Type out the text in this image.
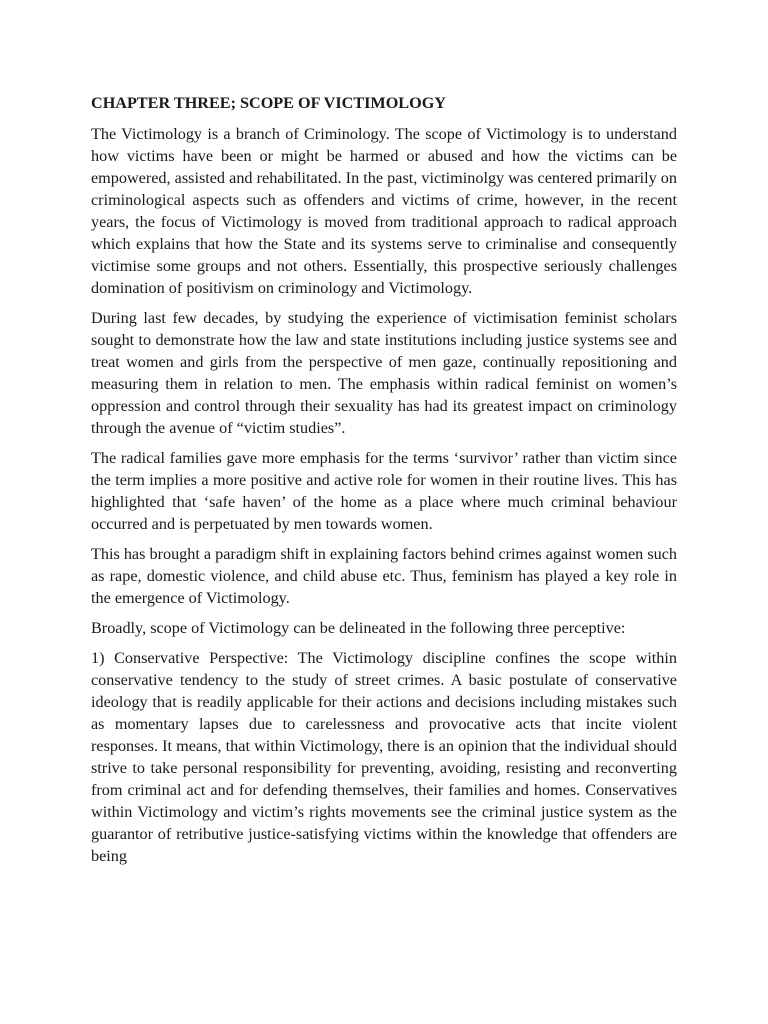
CHAPTER THREE; SCOPE OF VICTIMOLOGY

The Victimology is a branch of Criminology. The scope of Victimology is to understand how victims have been or might be harmed or abused and how the victims can be empowered, assisted and rehabilitated. In the past, victiminolgy was centered primarily on criminological aspects such as offenders and victims of crime, however, in the recent years, the focus of Victimology is moved from traditional approach to radical approach which explains that how the State and its systems serve to criminalise and consequently victimise some groups and not others. Essentially, this prospective seriously challenges domination of positivism on criminology and Victimology.

During last few decades, by studying the experience of victimisation feminist scholars sought to demonstrate how the law and state institutions including justice systems see and treat women and girls from the perspective of men gaze, continually repositioning and measuring them in relation to men. The emphasis within radical feminist on women’s oppression and control through their sexuality has had its greatest impact on criminology through the avenue of “victim studies”.

The radical families gave more emphasis for the terms ‘survivor’ rather than victim since the term implies a more positive and active role for women in their routine lives. This has highlighted that ‘safe haven’ of the home as a place where much criminal behaviour occurred and is perpetuated by men towards women.

This has brought a paradigm shift in explaining factors behind crimes against women such as rape, domestic violence, and child abuse etc. Thus, feminism has played a key role in the emergence of Victimology.

Broadly, scope of Victimology can be delineated in the following three perceptive:

1) Conservative Perspective: The Victimology discipline confines the scope within conservative tendency to the study of street crimes. A basic postulate of conservative ideology that is readily applicable for their actions and decisions including mistakes such as momentary lapses due to carelessness and provocative acts that incite violent responses. It means, that within Victimology, there is an opinion that the individual should strive to take personal responsibility for preventing, avoiding, resisting and reconverting from criminal act and for defending themselves, their families and homes. Conservatives within Victimology and victim’s rights movements see the criminal justice system as the guarantor of retributive justice-satisfying victims within the knowledge that offenders are being
